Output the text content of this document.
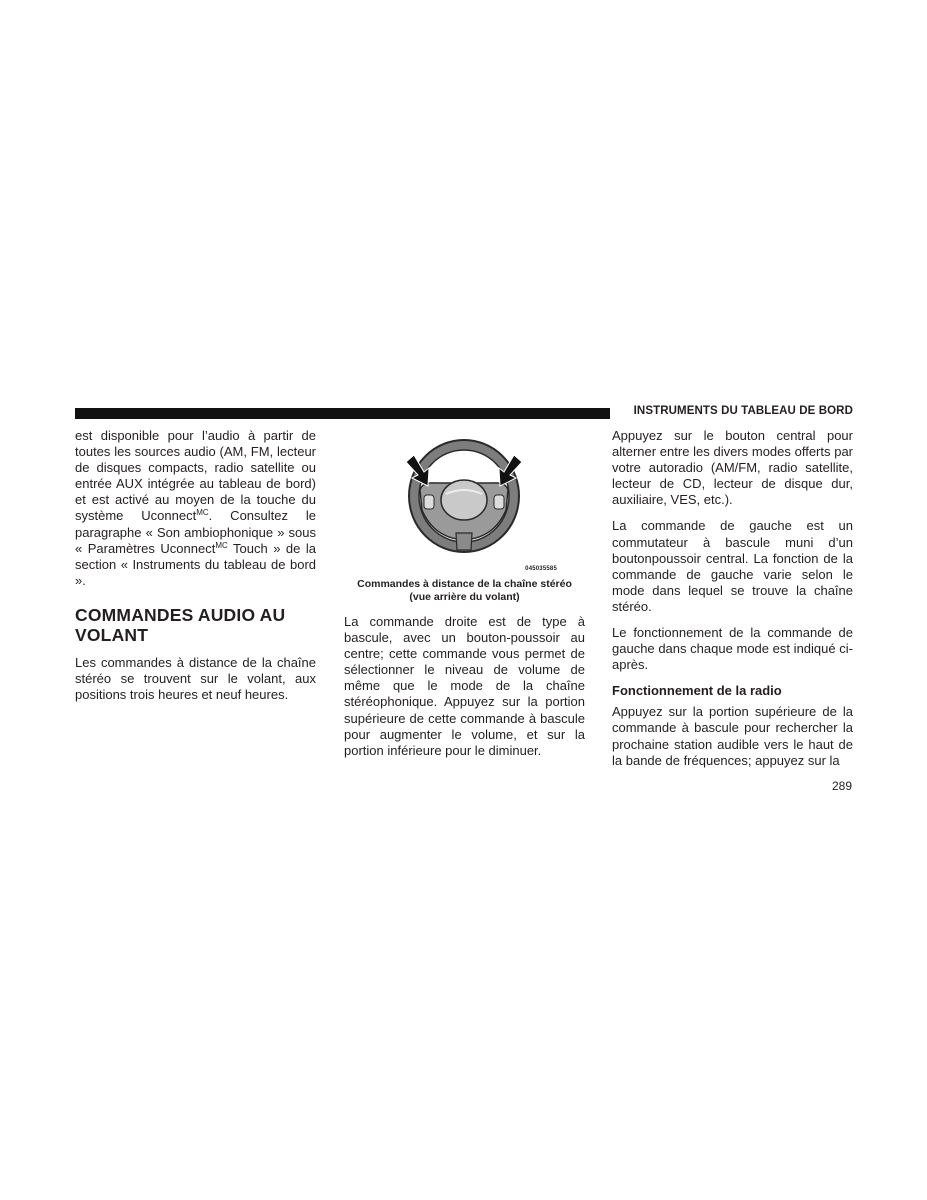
INSTRUMENTS DU TABLEAU DE BORD

est disponible pour l’audio à partir de toutes les sources audio (AM, FM, lecteur de disques compacts, radio satellite ou entrée AUX intégrée au tableau de bord) et est activé au moyen de la touche du système Uconnect$^{MC}$. Consultez le paragraphe « Son ambiophonique » sous « Paramètres Uconnect$^{MC}$ Touch » de la section « Instruments du tableau de bord ».

COMMANDES AUDIO AU VOLANT

Les commandes à distance de la chaîne stéréo se trouvent sur le volant, aux positions trois heures et neuf heures.

045035585
Commandes à distance de la chaîne stéréo
(vue arrière du volant)

La commande droite est de type à bascule, avec un bouton-poussoir au centre; cette commande vous permet de sélectionner le niveau de volume de même que le mode de la chaîne stéréophonique. Appuyez sur la portion supérieure de cette commande à bascule pour augmenter le volume, et sur la portion inférieure pour le diminuer.

Appuyez sur le bouton central pour alterner entre les divers modes offerts par votre autoradio (AM/FM, radio satellite, lecteur de CD, lecteur de disque dur, auxiliaire, VES, etc.).

La commande de gauche est un commutateur à bascule muni d’un boutonpoussoir central. La fonction de la commande de gauche varie selon le mode dans lequel se trouve la chaîne stéréo.

Le fonctionnement de la commande de gauche dans chaque mode est indiqué ci-après.

Fonctionnement de la radio

Appuyez sur la portion supérieure de la commande à bascule pour rechercher la prochaine station audible vers le haut de la bande de fréquences; appuyez sur la

289
